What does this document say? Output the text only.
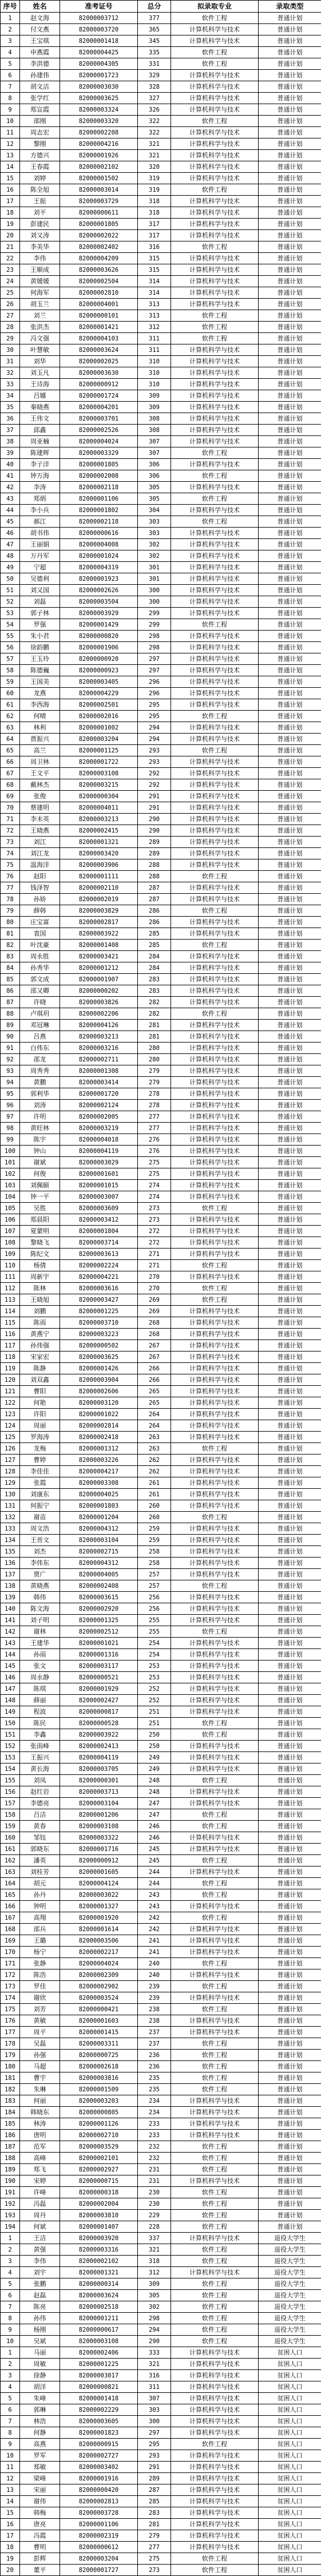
序号	姓名	准考证号	总分	拟录取专业	录取类型
1	赵文海	82000003712	377	软件工程	普通计划
2	付文燕	82000003720	365	计算机科学与技术	普通计划
3	王宝琪	82000001418	345	计算机科学与技术	普通计划
4	申燕霞	82000004425	335	软件工程	普通计划
5	李洪德	82000004305	331	软件工程	普通计划
6	孙建伟	82000001723	329	计算机科学与技术	普通计划
7	胡文洁	82000003030	328	计算机科学与技术	普通计划
8	张学红	82000003625	327	计算机科学与技术	普通计划
9	郑宣霞	82000003324	326	计算机科学与技术	普通计划
10	邵刚	82000003320	322	软件工程	普通计划
11	周志宏	82000002208	322	计算机科学与技术	普通计划
12	黎刚	82000004216	321	计算机科学与技术	普通计划
13	方德兴	82000001926	321	计算机科学与技术	普通计划
14	王春霞	82000002102	320	计算机科学与技术	普通计划
15	刘婷	82000001502	319	计算机科学与技术	普通计划
16	陈全旭	82000003014	319	软件工程	普通计划
17	王振	82000003729	318	计算机科学与技术	普通计划
18	刘平	82000000611	318	计算机科学与技术	普通计划
19	彭建民	82000001805	317	计算机科学与技术	普通计划
20	刘又涛	82000002022	317	计算机科学与技术	普通计划
21	李美华	82000002402	316	软件工程	普通计划
22	李伟	82000004209	315	计算机科学与技术	普通计划
23	王顺成	82000003626	315	计算机科学与技术	普通计划
24	黄媛媛	82000002504	314	计算机科学与技术	普通计划
25	何海军	82000002810	314	计算机科学与技术	普通计划
26	胡玉兰	82000004001	313	计算机科学与技术	普通计划
27	刘兰	82000000101	313	软件工程	普通计划
28	张洪杰	82000001421	312	软件工程	普通计划
29	冯文强	82000004103	311	软件工程	普通计划
30	叶慧敏	82000003624	311	计算机科学与技术	普通计划
31	刘华	82000002025	310	计算机科学与技术	普通计划
32	刘玉凡	82000003630	310	计算机科学与技术	普通计划
33	王诗海	82000000912	310	计算机科学与技术	普通计划
34	吕娜	82000001724	309	计算机科学与技术	普通计划
35	秦晓燕	82000004201	309	计算机科学与技术	普通计划
36	王伟文	82000003701	308	计算机科学与技术	普通计划
37	邱鑫	82000002526	308	计算机科学与技术	普通计划
38	周亚楠	82000004024	307	计算机科学与技术	普通计划
39	陈建辉	82000003329	307	软件工程	普通计划
40	李子洋	82000001805	306	计算机科学与技术	普通计划
41	钟万海	82000002008	306	软件工程	普通计划
42	李涛	82000002118	305	计算机科学与技术	普通计划
43	郑炳	82000001106	305	软件工程	普通计划
44	李小兵	82000001802	304	计算机科学与技术	普通计划
45	郝江	82000002118	303	软件工程	普通计划
46	胡书伟	82000000616	303	计算机科学与技术	普通计划
47	王丽娟	82000004008	302	计算机科学与技术	普通计划
48	万丹军	82000001024	302	计算机科学与技术	普通计划
49	宁超	82000004319	301	计算机科学与技术	普通计划
50	吴德利	82000001923	301	计算机科学与技术	普通计划
51	刘又国	82000002626	300	计算机科学与技术	普通计划
52	刘磊	82000003504	300	计算机科学与技术	普通计划
53	郭子林	82000003929	299	计算机科学与技术	普通计划
54	罗强	82000001429	299	软件工程	普通计划
55	朱小君	82000000820	298	计算机科学与技术	普通计划
56	徐韵鹏	82000001906	298	计算机科学与技术	普通计划
57	王玉玲	82000000920	297	计算机科学与技术	普通计划
58	陈德巍	82000000923	297	计算机科学与技术	普通计划
59	王国美	82000003405	296	计算机科学与技术	普通计划
60	龙燕	82000004229	296	计算机科学与技术	普通计划
61	李西海	82000002501	295	计算机科学与技术	普通计划
62	何晴	82000002016	295	软件工程	普通计划
63	林利	82000001002	294	计算机科学与技术	普通计划
64	贾振兴	82000003204	294	计算机科学与技术	普通计划
65	高兰	82000001125	293	软件工程	普通计划
66	周卫林	82000001722	293	计算机科学与技术	普通计划
67	王文平	82000003108	292	计算机科学与技术	普通计划
68	戴林杰	82000003215	292	计算机科学与技术	普通计划
69	张俊	82000000304	291	计算机科学与技术	普通计划
70	蔡建明	82000004011	291	计算机科学与技术	普通计划
71	李未英	82000003213	290	计算机科学与技术	普通计划
72	王晓燕	82000002415	290	计算机科学与技术	普通计划
73	刘江	82000001321	289	计算机科学与技术	普通计划
74	刘江龙	82000003420	289	计算机科学与技术	普通计划
75	温海洋	82000003906	288	计算机科学与技术	普通计划
76	赵阳	82000001111	288	软件工程	普通计划
77	钱泽智	82000002110	287	计算机科学与技术	普通计划
78	孙娇	82000002019	287	计算机科学与技术	普通计划
79	薛韩	82000003829	286	软件工程	普通计划
80	庄宝富	82000002817	286	计算机科学与技术	普通计划
81	袁国	82000003922	285	计算机科学与技术	普通计划
82	叶沈豪	82000001408	285	软件工程	普通计划
83	周永胜	82000003421	284	计算机科学与技术	普通计划
84	孙秀华	82000001212	284	计算机科学与技术	普通计划
85	郭文成	82000001907	283	计算机科学与技术	普通计划
86	邵又卿	82000000202	283	计算机科学与技术	普通计划
87	许晓	82000003826	282	计算机科学与技术	普通计划
88	卢琪玥	82000002206	282	软件工程	普通计划
89	邓冠琳	82000004126	281	计算机科学与技术	普通计划
90	吕燕	82000003213	281	计算机科学与技术	普通计划
91	白伟东	82000003216	280	计算机科学与技术	普通计划
92	邵龙	82000002711	280	计算机科学与技术	普通计划
93	周秀秀	82000001308	279	计算机科学与技术	普通计划
94	黄鹏	82000003414	279	计算机科学与技术	普通计划
95	郭利华	82000001720	278	计算机科学与技术	普通计划
96	刘涛	82000002124	278	计算机科学与技术	普通计划
97	许明	82000002005	277	计算机科学与技术	普通计划
98	黄旺林	82000003219	277	计算机科学与技术	普通计划
99	陈宇	82000004018	276	计算机科学与技术	普通计划
100	钟山	82000004119	276	计算机科学与技术	普通计划
101	谢斌	82000003029	275	计算机科学与技术	普通计划
102	何俊	82000001601	275	计算机科学与技术	普通计划
103	刘佩颐	82000001015	274	计算机科学与技术	普通计划
104	钟一平	82000003007	274	计算机科学与技术	普通计划
105	吴胜	82000003609	273	软件工程	普通计划
106	郑晨阳	82000003412	273	计算机科学与技术	普通计划
107	夏蒙明	82000001804	272	计算机科学与技术	普通计划
108	黎晓飞	82000003714	272	计算机科学与技术	普通计划
109	陈纪文	82000003613	271	计算机科学与技术	普通计划
110	杨倩	82000002224	271	软件工程	普通计划
111	周新宇	82000004221	270	计算机科学与技术	普通计划
112	陈林	82000003616	270	软件工程	普通计划
113	王晓旭	82000003427	269	软件工程	普通计划
114	刘鹏	82000001225	269	计算机科学与技术	普通计划
115	陈雨	82000003710	268	计算机科学与技术	普通计划
116	黄燕宁	82000003223	268	计算机科学与技术	普通计划
117	孙伟强	82000000502	267	计算机科学与技术	普通计划
118	宋家宏	82000003625	267	计算机科学与技术	普通计划
119	陈静	82000001426	266	计算机科学与技术	普通计划
120	刘双鑫	82000003904	266	计算机科学与技术	普通计划
121	曹阳	82000002606	265	计算机科学与技术	普通计划
122	何艳	82000003120	265	计算机科学与技术	普通计划
123	许阳	82000001022	264	计算机科学与技术	普通计划
124	周丽	82000002814	264	计算机科学与技术	普通计划
125	罗海涛	82000002418	263	计算机科学与技术	普通计划
126	龙梅	82000001312	263	软件工程	普通计划
127	曹婷	82000003226	262	计算机科学与技术	普通计划
128	李佳佳	82000004217	262	计算机科学与技术	普通计划
129	张霞	82000003308	261	计算机科学与技术	普通计划
130	刘康东	82000004025	261	计算机科学与技术	普通计划
131	何振宁	82000001803	260	计算机科学与技术	普通计划
132	谢苗	82000001204	260	软件工程	普通计划
133	周文浩	82000004312	259	计算机科学与技术	普通计划
134	王晋文	82000003104	259	计算机科学与技术	普通计划
135	刘杰	82000002715	258	计算机科学与技术	普通计划
136	李伟东	82000004312	258	计算机科学与技术	普通计划
137	贾广	82000004005	257	计算机科学与技术	普通计划
138	黄晓燕	82000002408	257	软件工程	普通计划
139	韩伟	82000003615	256	计算机科学与技术	普通计划
140	陈文海	82000002920	256	计算机科学与技术	普通计划
141	刘子明	82000001325	255	计算机科学与技术	普通计划
142	谢林	82000002512	255	软件工程	普通计划
143	王建华	82000001021	254	计算机科学与技术	普通计划
144	孙雨	82000001316	254	计算机科学与技术	普通计划
145	张文	82000003117	253	计算机科学与技术	普通计划
146	周永静	82000000521	253	计算机科学与技术	普通计划
147	陈琪	82000001929	252	计算机科学与技术	普通计划
148	薛丽	82000002427	252	计算机科学与技术	普通计划
149	程波	82000000817	251	计算机科学与技术	普通计划
150	陈民	82000000528	251	软件工程	普通计划
151	李鑫	82000003922	250	软件工程	普通计划
152	张雨峰	82000002413	250	计算机科学与技术	普通计划
153	王振兴	82000004119	249	计算机科学与技术	普通计划
154	黄长海	82000003705	249	计算机科学与技术	普通计划
155	刘凤	82000000301	248	软件工程	普通计划
156	赵红岩	82000003713	248	计算机科学与技术	普通计划
157	李德亮	82000003104	247	计算机科学与技术	普通计划
158	吕洁	82000001206	247	软件工程	普通计划
159	黄春	82000003108	246	软件工程	普通计划
160	邹钰	82000003322	246	计算机科学与技术	普通计划
161	郭晓东	82000001716	245	计算机科学与技术	普通计划
162	潘英	82000000912	245	软件工程	普通计划
163	刘桂芳	82000001605	244	计算机科学与技术	普通计划
164	胡元	82000004124	244	软件工程	普通计划
165	孙丹	82000003022	243	软件工程	普通计划
166	钟明	82000001327	243	计算机科学与技术	普通计划
167	高翔	82000001920	242	软件工程	普通计划
168	邵兵	82000001614	242	计算机科学与技术	普通计划
169	王璐	82000003506	241	计算机科学与技术	普通计划
170	杨宁	82000002217	241	计算机科学与技术	普通计划
171	张静	82000004024	240	软件工程	普通计划
172	陈浩	82000002309	240	计算机科学与技术	普通计划
173	罗佳	82000002902	239	软件工程	普通计划
174	谢欣	82000003524	239	计算机科学与技术	普通计划
175	刘芳	82000000421	238	软件工程	普通计划
176	黄敏	82000001603	238	计算机科学与技术	普通计划
177	周平	82000001415	237	计算机科学与技术	普通计划
178	吴磊	82000003311	237	软件工程	普通计划
179	孙强	82000000725	236	软件工程	普通计划
180	马超	82000002618	236	软件工程	普通计划
181	曹宇	82000003816	235	软件工程	普通计划
182	朱琳	82000001509	235	软件工程	普通计划
183	何丽	82000003203	234	计算机科学与技术	普通计划
184	韩晓东	82000000805	234	计算机科学与技术	普通计划
185	林涛	82000001126	233	计算机科学与技术	普通计划
186	唐明	82000002710	233	计算机科学与技术	普通计划
187	范军	82000003529	232	软件工程	普通计划
188	高峰	82000002101	232	软件工程	普通计划
189	郑飞	82000002927	231	软件工程	普通计划
190	宋婷	82000000715	231	计算机科学与技术	普通计划
191	许峰	82000000318	230	软件工程	普通计划
192	冯磊	82000002004	230	软件工程	普通计划
193	周丹	82000003810	229	软件工程	普通计划
194	何斌	82000001407	228	软件工程	普通计划
1	王洁	82000003920	337	计算机科学与技术	退役大学生
2	黄强	82000003316	321	软件工程	退役大学生
3	李伟	82000002102	318	软件工程	退役大学生
4	刘宇	82000001321	312	计算机科学与技术	退役大学生
5	张鹏	82000000314	309	软件工程	退役大学生
6	赵磊	82000003624	305	软件工程	退役大学生
7	陈亮	82000002518	302	软件工程	退役大学生
8	孙伟	82000001211	298	软件工程	退役大学生
9	杨刚	82000000617	294	软件工程	退役大学生
10	吴斌	82000003108	290	软件工程	退役大学生
1	马丽	82000002406	333	计算机科学与技术	贫困人口
2	周敏	82000001225	321	计算机科学与技术	贫困人口
3	徐静	82000003017	316	计算机科学与技术	贫困人口
4	胡洋	82000000821	311	计算机科学与技术	贫困人口
5	朱峰	82000001418	307	计算机科学与技术	贫困人口
6	郭琳	82000002229	303	计算机科学与技术	贫困人口
7	林浩	82000003605	300	计算机科学与技术	贫困人口
8	何静	82000001823	297	计算机科学与技术	贫困人口
9	高燕	82000000915	295	软件工程	贫困人口
10	罗军	82000002727	293	计算机科学与技术	贫困人口
11	郑敏	82000003402	291	计算机科学与技术	贫困人口
12	梁峰	82000001916	289	计算机科学与技术	贫困人口
13	宋丽	82000000420	287	计算机科学与技术	贫困人口
14	谢伟	82000002813	285	计算机科学与技术	贫困人口
15	韩梅	82000003728	283	计算机科学与技术	贫困人口
16	唐亮	82000001106	281	计算机科学与技术	贫困人口
17	冯霞	82000002319	279	计算机科学与技术	贫困人口
18	曹明	82000000612	277	计算机科学与技术	贫困人口
19	彭辉	82000003204	275	软件工程	贫困人口
20	董平	82000001727	273	软件工程	贫困人口
